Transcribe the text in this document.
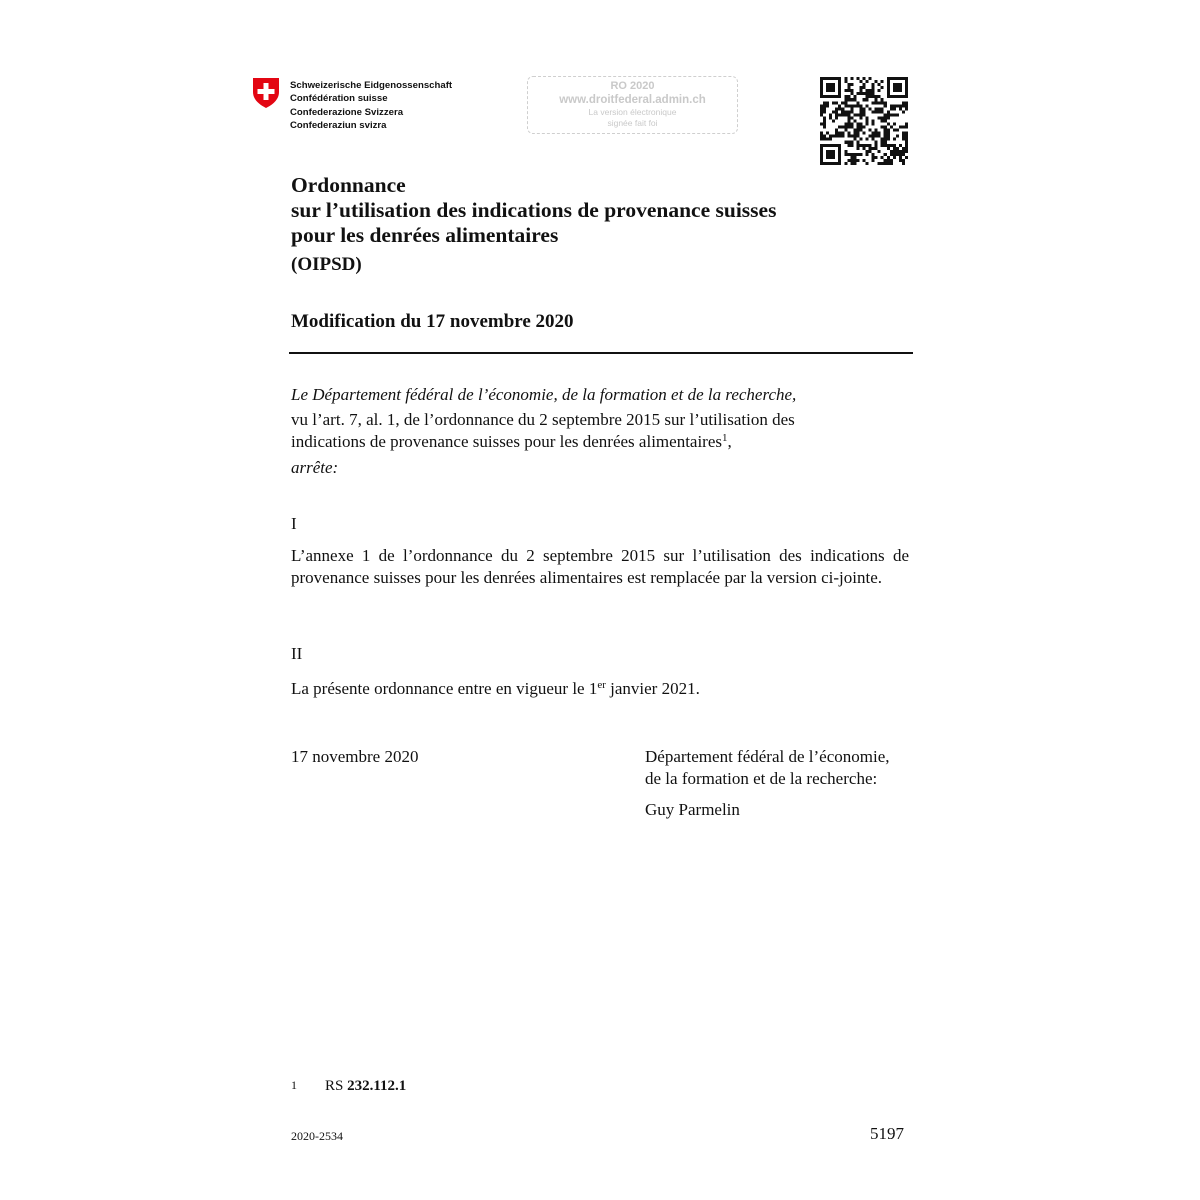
Schweizerische Eidgenossenschaft
Confédération suisse
Confederazione Svizzera
Confederaziun svizra
RO 2020
www.droitfederal.admin.ch
La version électronique
signée fait foi
Ordonnance
sur l’utilisation des indications de provenance suisses
pour les denrées alimentaires
(OIPSD)
Modification du 17 novembre 2020
Le Département fédéral de l’économie, de la formation et de la recherche,
vu l’art. 7, al. 1, de l’ordonnance du 2 septembre 2015 sur l’utilisation des
indications de provenance suisses pour les denrées alimentaires$^1$,
arrête:
I
L’annexe 1 de l’ordonnance du 2 septembre 2015 sur l’utilisation des indications de provenance suisses pour les denrées alimentaires est remplacée par la version ci-jointe.
II
La présente ordonnance entre en vigueur le 1er janvier 2021.
17 novembre 2020	Département fédéral de l’économie,
de la formation et de la recherche:
Guy Parmelin
1 RS 232.112.1
2020-2534	5197
